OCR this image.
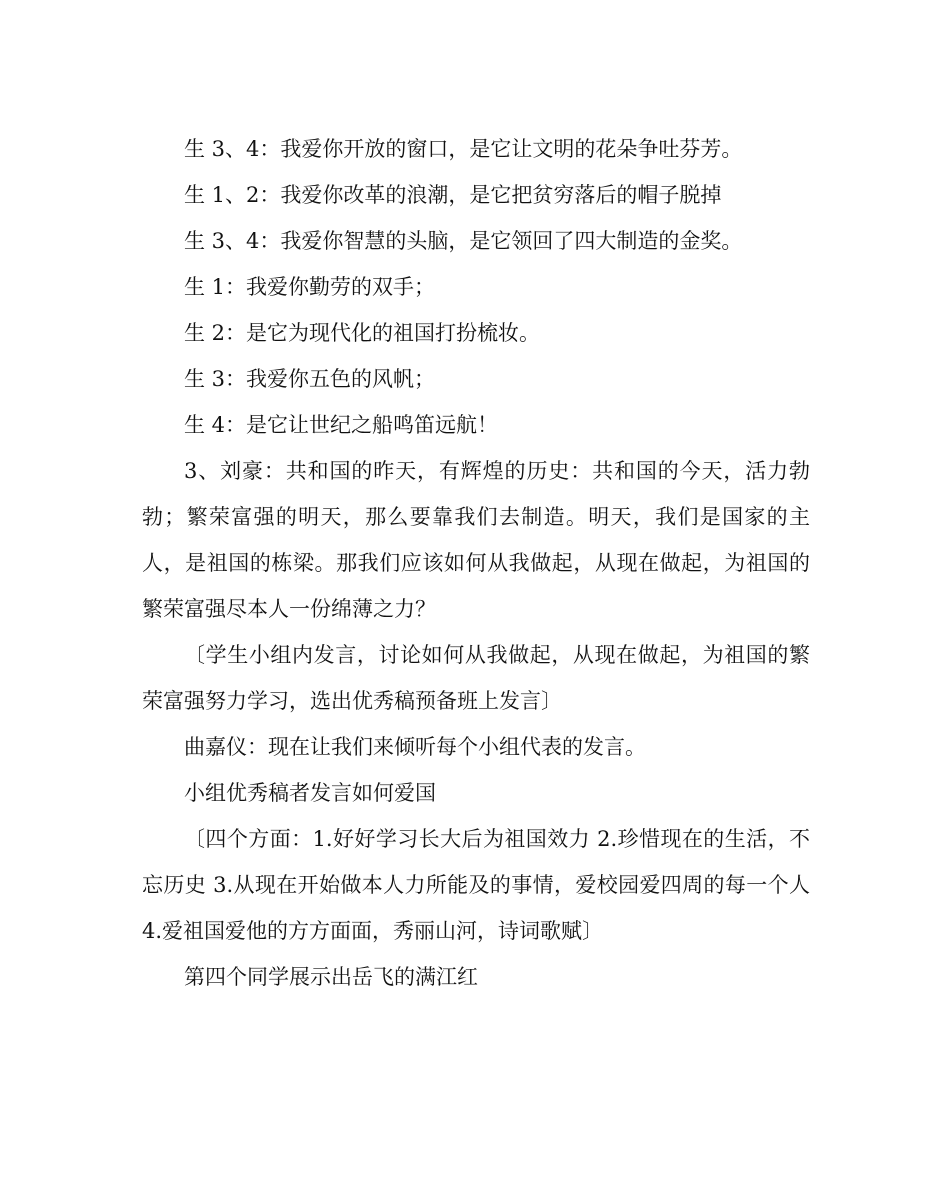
生 3、4：我爱你开放的窗口，是它让文明的花朵争吐芬芳。

生 1、2：我爱你改革的浪潮，是它把贫穷落后的帽子脱掉

生 3、4：我爱你智慧的头脑，是它领回了四大制造的金奖。

生 1：我爱你勤劳的双手；

生 2：是它为现代化的祖国打扮梳妆。

生 3：我爱你五色的风帆；

生 4：是它让世纪之船鸣笛远航！

3、刘豪：共和国的昨天，有辉煌的历史：共和国的今天，活力勃勃；繁荣富强的明天，那么要靠我们去制造。明天，我们是国家的主人，是祖国的栋梁。那我们应该如何从我做起，从现在做起，为祖国的繁荣富强尽本人一份绵薄之力？

〔学生小组内发言，讨论如何从我做起，从现在做起，为祖国的繁荣富强努力学习，选出优秀稿预备班上发言〕

曲嘉仪：现在让我们来倾听每个小组代表的发言。

小组优秀稿者发言如何爱国

〔四个方面：1.好好学习长大后为祖国效力 2.珍惜现在的生活，不忘历史 3.从现在开始做本人力所能及的事情，爱校园爱四周的每一个人 4.爱祖国爱他的方方面面，秀丽山河，诗词歌赋〕

第四个同学展示出岳飞的满江红
